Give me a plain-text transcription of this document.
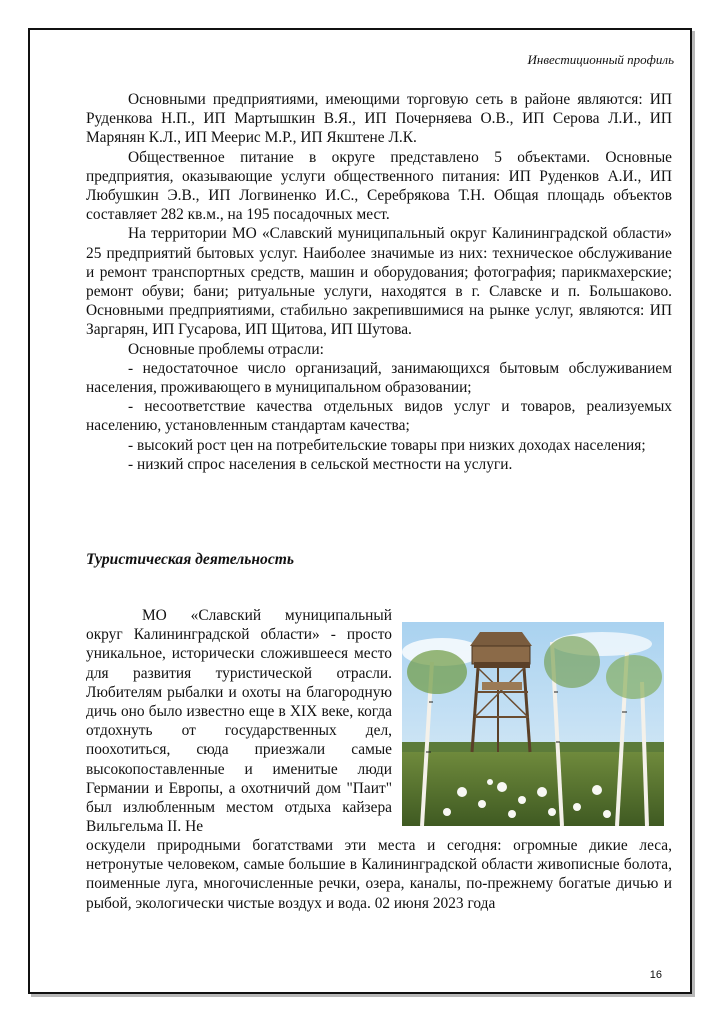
Инвестиционный профиль

Основными предприятиями, имеющими торговую сеть в районе являются: ИП Руденкова Н.П., ИП Мартышкин В.Я., ИП Почерняева О.В., ИП Серова Л.И., ИП Марянян К.Л., ИП Меерис М.Р., ИП Якштене Л.К.

Общественное питание в округе представлено 5 объектами. Основные предприятия, оказывающие услуги общественного питания: ИП Руденков А.И., ИП Любушкин Э.В., ИП Логвиненко И.С., Серебрякова Т.Н. Общая площадь объектов составляет 282 кв.м., на 195 посадочных мест.

На территории МО «Славский муниципальный округ Калининградской области» 25 предприятий бытовых услуг. Наиболее значимые из них: техническое обслуживание и ремонт транспортных средств, машин и оборудования; фотография; парикмахерские; ремонт обуви; бани; ритуальные услуги, находятся в г. Славске и п. Большаково. Основными предприятиями, стабильно закрепившимися на рынке услуг, являются: ИП Заргарян, ИП Гусарова, ИП Щитова, ИП Шутова.

Основные проблемы отрасли:

- недостаточное число организаций, занимающихся бытовым обслуживанием населения, проживающего в муниципальном образовании;

- несоответствие качества отдельных видов услуг и товаров, реализуемых населению, установленным стандартам качества;

- высокий рост цен на потребительские товары при низких доходах населения;

- низкий спрос населения в сельской местности на услуги.

Туристическая деятельность

МО «Славский муниципальный округ Калининградской области» - просто уникальное, исторически сложившееся место для развития туристической отрасли. Любителям рыбалки и охоты на благородную дичь оно было известно еще в XIX веке, когда отдохнуть от государственных дел, поохотиться, сюда приезжали самые высокопоставленные и именитые люди Германии и Европы, а охотничий дом "Паит" был излюбленным местом отдыха кайзера Вильгельма II. Не

оскудели природными богатствами эти места и сегодня: огромные дикие леса, нетронутые человеком, самые большие в Калининградской области живописные болота, поименные луга, многочисленные речки, озера, каналы, по-прежнему богатые дичью и рыбой, экологически чистые воздух и вода. 02 июня 2023 года
16
